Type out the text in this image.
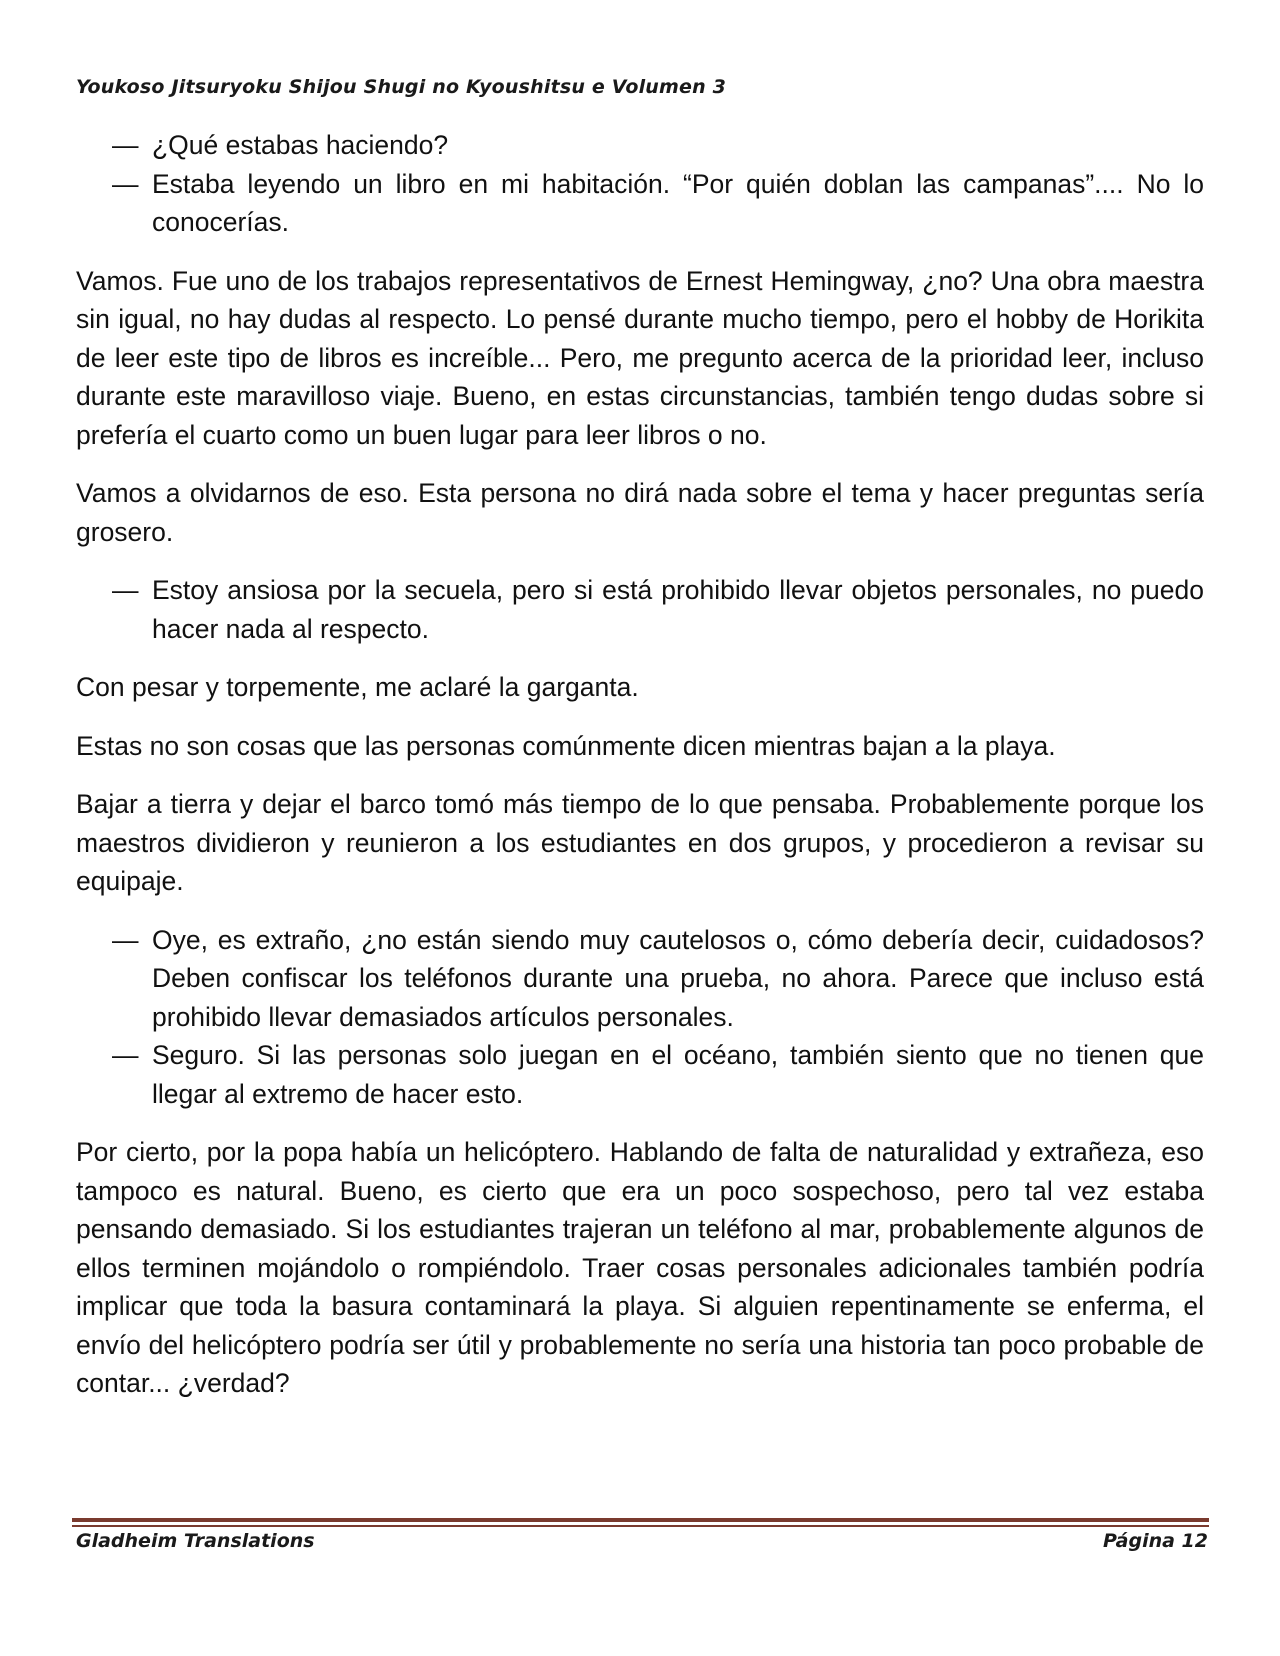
Youkoso Jitsuryoku Shijou Shugi no Kyoushitsu e Volumen 3

— ¿Qué estabas haciendo?

— Estaba leyendo un libro en mi habitación. “Por quién doblan las campanas”.... No lo conocerías.

Vamos. Fue uno de los trabajos representativos de Ernest Hemingway, ¿no? Una obra maestra sin igual, no hay dudas al respecto. Lo pensé durante mucho tiempo, pero el hobby de Horikita de leer este tipo de libros es increíble... Pero, me pregunto acerca de la prioridad leer, incluso durante este maravilloso viaje. Bueno, en estas circunstancias, también tengo dudas sobre si prefería el cuarto como un buen lugar para leer libros o no.

Vamos a olvidarnos de eso. Esta persona no dirá nada sobre el tema y hacer preguntas sería grosero.

— Estoy ansiosa por la secuela, pero si está prohibido llevar objetos personales, no puedo hacer nada al respecto.

Con pesar y torpemente, me aclaré la garganta.

Estas no son cosas que las personas comúnmente dicen mientras bajan a la playa.

Bajar a tierra y dejar el barco tomó más tiempo de lo que pensaba. Probablemente porque los maestros dividieron y reunieron a los estudiantes en dos grupos, y procedieron a revisar su equipaje.

— Oye, es extraño, ¿no están siendo muy cautelosos o, cómo debería decir, cuidadosos? Deben confiscar los teléfonos durante una prueba, no ahora. Parece que incluso está prohibido llevar demasiados artículos personales.

— Seguro. Si las personas solo juegan en el océano, también siento que no tienen que llegar al extremo de hacer esto.

Por cierto, por la popa había un helicóptero. Hablando de falta de naturalidad y extrañeza, eso tampoco es natural. Bueno, es cierto que era un poco sospechoso, pero tal vez estaba pensando demasiado. Si los estudiantes trajeran un teléfono al mar, probablemente algunos de ellos terminen mojándolo o rompiéndolo. Traer cosas personales adicionales también podría implicar que toda la basura contaminará la playa. Si alguien repentinamente se enferma, el envío del helicóptero podría ser útil y probablemente no sería una historia tan poco probable de contar... ¿verdad?

Gladheim Translations	Página 12
